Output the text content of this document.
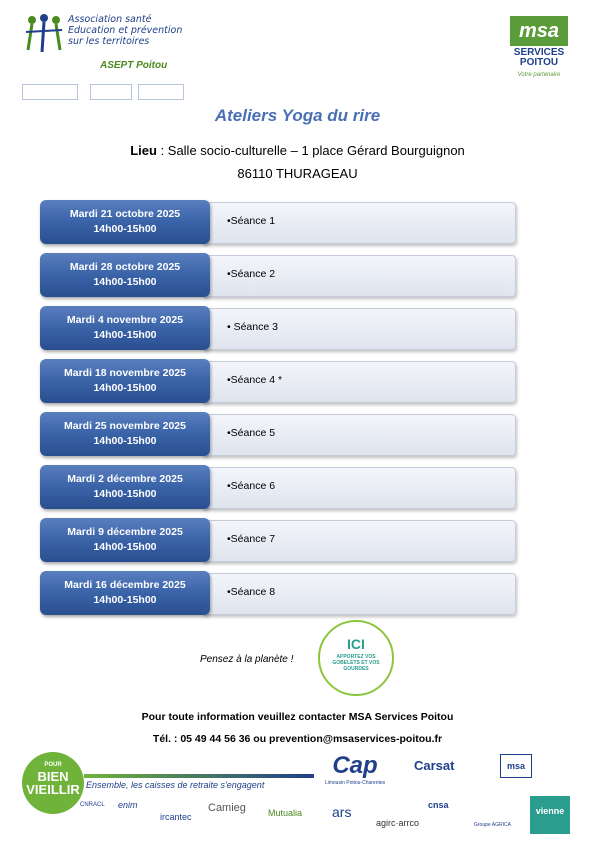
Association santé
Education et prévention
sur les territoires
ASEPT Poitou
msa
SERVICES POITOU
Votre partenaire
Ateliers Yoga du rire
Lieu : Salle socio-culturelle – 1 place Gérard Bourguignon
86110 THURAGEAU
Mardi 21 octobre 2025
14h00-15h00
•Séance 1
Mardi 28 octobre 2025
14h00-15h00
•Séance 2
Mardi 4 novembre 2025
14h00-15h00
• Séance 3
Mardi 18 novembre 2025
14h00-15h00
•Séance 4 *
Mardi 25 novembre 2025
14h00-15h00
•Séance 5
Mardi 2 décembre 2025
14h00-15h00
•Séance 6
Mardi 9 décembre 2025
14h00-15h00
•Séance 7
Mardi 16 décembre 2025
14h00-15h00
•Séance 8
Pensez à la planète !
ICI
APPORTEZ VOS GOBELETS ET VOS GOURDES
Pour toute information veuillez contacter MSA Services Poitou
Tél. : 05 49 44 56 36 ou prevention@msaservices-poitou.fr
POUR
BIEN VIEILLIR Ensemble, les caisses de retraite s'engagent
Cap
Limousin Poitou-Charentes
Carsat	msa
CNRACL enim
ircantec
Camieg Mutualia ars
agirc·arrco
cnsa
Groupe AGRICA
vienne
